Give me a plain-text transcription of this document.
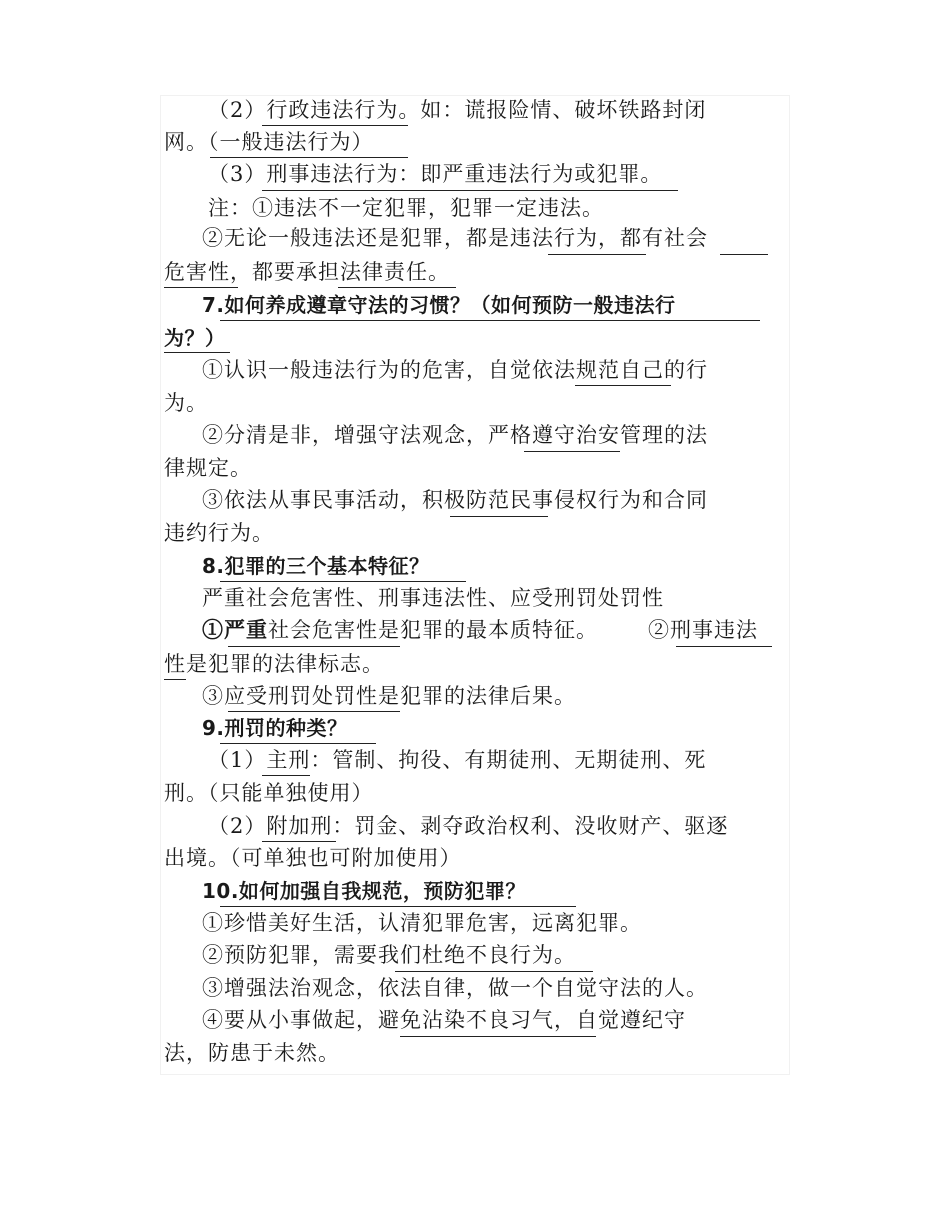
（2）行政违法行为。如：谎报险情、破坏铁路封闭
网。（一般违法行为）
（3）刑事违法行为：即严重违法行为或犯罪。
注：①违法不一定犯罪，犯罪一定违法。
②无论一般违法还是犯罪，都是违法行为，都有社会
危害性，都要承担法律责任。
7.如何养成遵章守法的习惯？（如何预防一般违法行
为？）
①认识一般违法行为的危害，自觉依法规范自己的行
为。
②分清是非，增强守法观念，严格遵守治安管理的法
律规定。
③依法从事民事活动，积极防范民事侵权行为和合同
违约行为。
8.犯罪的三个基本特征？
严重社会危害性、刑事违法性、应受刑罚处罚性
①严重社会危害性是犯罪的最本质特征。 ②刑事违法
性是犯罪的法律标志。
③应受刑罚处罚性是犯罪的法律后果。
9.刑罚的种类？
（1）主刑：管制、拘役、有期徒刑、无期徒刑、死
刑。（只能单独使用）
（2）附加刑：罚金、剥夺政治权利、没收财产、驱逐
出境。（可单独也可附加使用）
10.如何加强自我规范，预防犯罪？
①珍惜美好生活，认清犯罪危害，远离犯罪。
②预防犯罪，需要我们杜绝不良行为。
③增强法治观念，依法自律，做一个自觉守法的人。
④要从小事做起，避免沾染不良习气，自觉遵纪守
法，防患于未然。
